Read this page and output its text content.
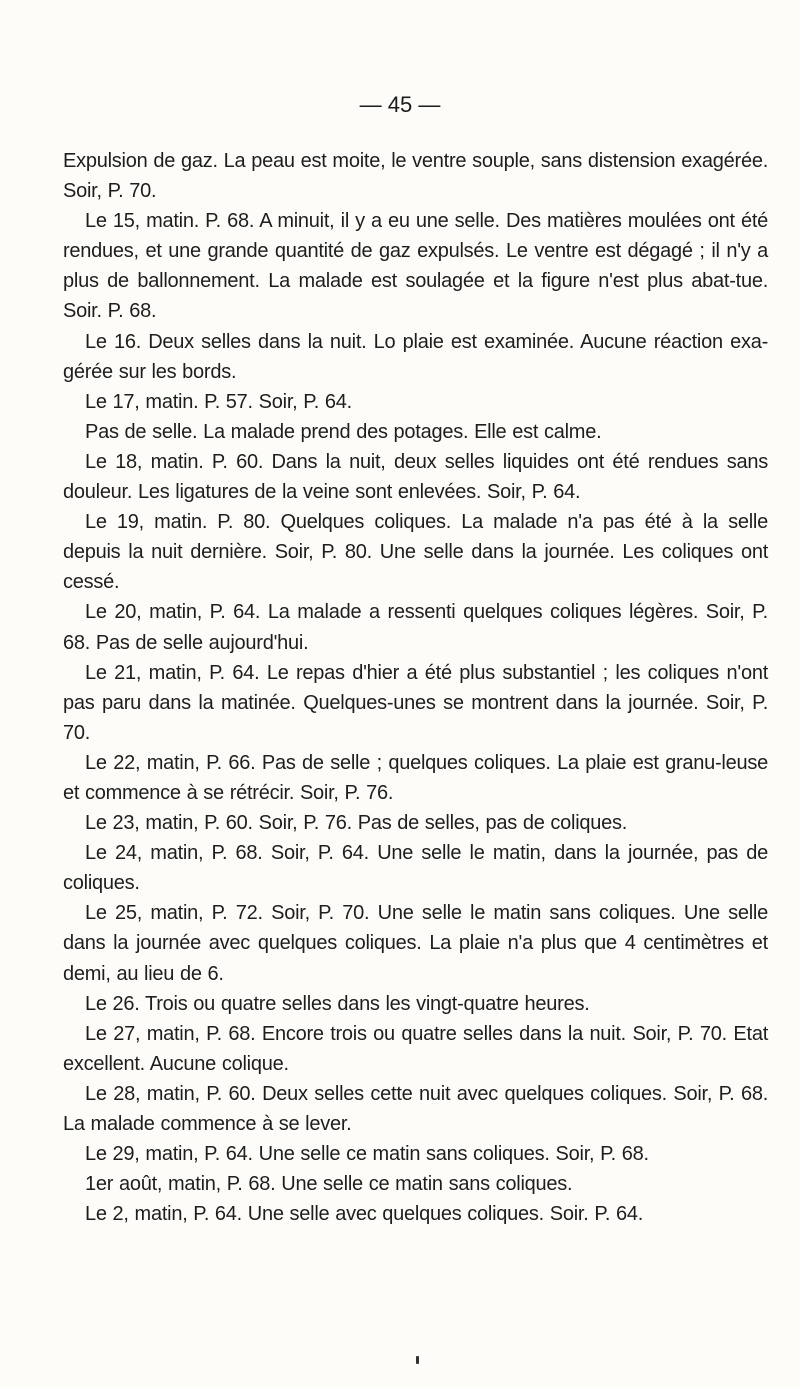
— 45 —

Expulsion de gaz. La peau est moite, le ventre souple, sans distension exagérée. Soir, P. 70.

Le 15, matin. P. 68. A minuit, il y a eu une selle. Des matières moulées ont été rendues, et une grande quantité de gaz expulsés. Le ventre est dégagé ; il n'y a plus de ballonnement. La malade est soulagée et la figure n'est plus abat-tue. Soir. P. 68.

Le 16. Deux selles dans la nuit. Lo plaie est examinée. Aucune réaction exa-gérée sur les bords.

Le 17, matin. P. 57. Soir, P. 64.

Pas de selle. La malade prend des potages. Elle est calme.

Le 18, matin. P. 60. Dans la nuit, deux selles liquides ont été rendues sans douleur. Les ligatures de la veine sont enlevées. Soir, P. 64.

Le 19, matin. P. 80. Quelques coliques. La malade n'a pas été à la selle depuis la nuit dernière. Soir, P. 80. Une selle dans la journée. Les coliques ont cessé.

Le 20, matin, P. 64. La malade a ressenti quelques coliques légères. Soir, P. 68. Pas de selle aujourd'hui.

Le 21, matin, P. 64. Le repas d'hier a été plus substantiel ; les coliques n'ont pas paru dans la matinée. Quelques-unes se montrent dans la journée. Soir, P. 70.

Le 22, matin, P. 66. Pas de selle ; quelques coliques. La plaie est granu-leuse et commence à se rétrécir. Soir, P. 76.

Le 23, matin, P. 60. Soir, P. 76. Pas de selles, pas de coliques.

Le 24, matin, P. 68. Soir, P. 64. Une selle le matin, dans la journée, pas de coliques.

Le 25, matin, P. 72. Soir, P. 70. Une selle le matin sans coliques. Une selle dans la journée avec quelques coliques. La plaie n'a plus que 4 centimètres et demi, au lieu de 6.

Le 26. Trois ou quatre selles dans les vingt-quatre heures.

Le 27, matin, P. 68. Encore trois ou quatre selles dans la nuit. Soir, P. 70. Etat excellent. Aucune colique.

Le 28, matin, P. 60. Deux selles cette nuit avec quelques coliques. Soir, P. 68. La malade commence à se lever.

Le 29, matin, P. 64. Une selle ce matin sans coliques. Soir, P. 68.

1er août, matin, P. 68. Une selle ce matin sans coliques.

Le 2, matin, P. 64. Une selle avec quelques coliques. Soir. P. 64.
